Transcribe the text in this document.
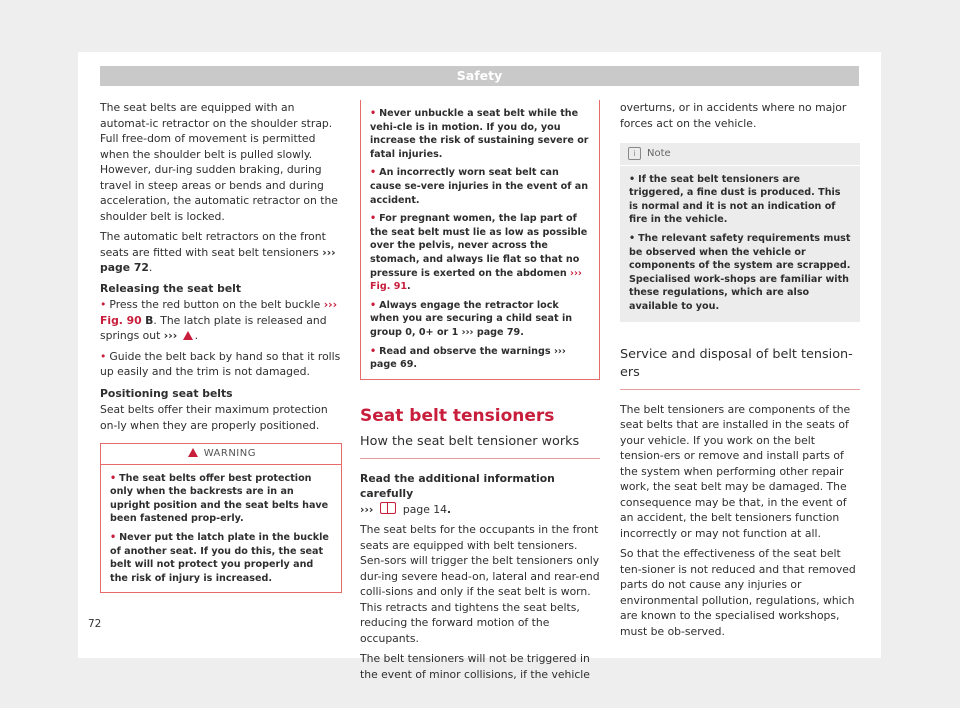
Safety

The seat belts are equipped with an automat-ic retractor on the shoulder strap. Full free-dom of movement is permitted when the shoulder belt is pulled slowly. However, dur-ing sudden braking, during travel in steep areas or bends and during acceleration, the automatic retractor on the shoulder belt is locked.

The automatic belt retractors on the front seats are fitted with seat belt tensioners ››› page 72.

Releasing the seat belt

• Press the red button on the belt buckle ››› Fig. 90 B. The latch plate is released and springs out ››› .

• Guide the belt back by hand so that it rolls up easily and the trim is not damaged.

Positioning seat belts

Seat belts offer their maximum protection on-ly when they are properly positioned.

WARNING

• The seat belts offer best protection only when the backrests are in an upright position and the seat belts have been fastened prop-erly.

• Never put the latch plate in the buckle of another seat. If you do this, the seat belt will not protect you properly and the risk of injury is increased.

• Never unbuckle a seat belt while the vehi-cle is in motion. If you do, you increase the risk of sustaining severe or fatal injuries.

• An incorrectly worn seat belt can cause se-vere injuries in the event of an accident.

• For pregnant women, the lap part of the seat belt must lie as low as possible over the pelvis, never across the stomach, and always lie flat so that no pressure is exerted on the abdomen ››› Fig. 91.

• Always engage the retractor lock when you are securing a child seat in group 0, 0+ or 1 ››› page 79.

• Read and observe the warnings ››› page 69.

Seat belt tensioners
How the seat belt tensioner works

Read the additional information carefully
›››	page 14.

The seat belts for the occupants in the front seats are equipped with belt tensioners. Sen-sors will trigger the belt tensioners only dur-ing severe head-on, lateral and rear-end colli-sions and only if the seat belt is worn. This retracts and tightens the seat belts, reducing the forward motion of the occupants.

The belt tensioners will not be triggered in the event of minor collisions, if the vehicle

overturns, or in accidents where no major forces act on the vehicle.

i Note

• If the seat belt tensioners are triggered, a fine dust is produced. This is normal and it is not an indication of fire in the vehicle.

• The relevant safety requirements must be observed when the vehicle or components of the system are scrapped. Specialised work-shops are familiar with these regulations, which are also available to you.

Service and disposal of belt tension-ers

The belt tensioners are components of the seat belts that are installed in the seats of your vehicle. If you work on the belt tension-ers or remove and install parts of the system when performing other repair work, the seat belt may be damaged. The consequence may be that, in the event of an accident, the belt tensioners function incorrectly or may not function at all.

So that the effectiveness of the seat belt ten-sioner is not reduced and that removed parts do not cause any injuries or environmental pollution, regulations, which are known to the specialised workshops, must be ob-served.

72
